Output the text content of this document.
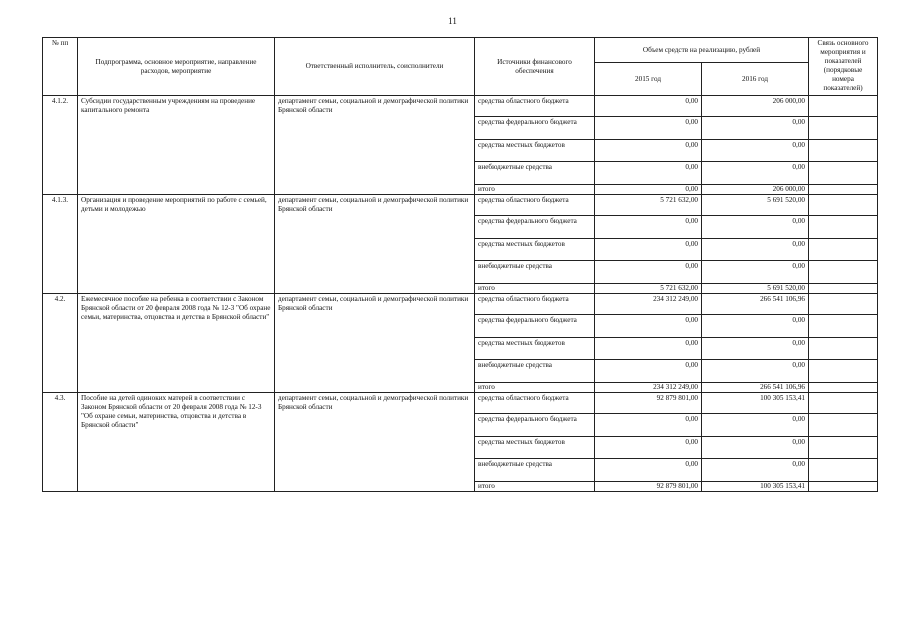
11
№ пп	Подпрограмма, основное мероприятие, направление расходов, мероприятие	Ответственный исполнитель, соисполнители	Источники финансового обеспечения	Объем средств на реализацию, рублей		Связь основного мероприятия и показателей (порядковые номера показателей)
				2015 год	2016 год	
4.1.2.	Субсидии государственным учреждениям на проведение капитального ремонта	департамент семьи, социальной и демографической политики Брянской области	средства областного бюджета	0,00	206 000,00	
			средства федерального бюджета	0,00	0,00	
			средства местных бюджетов	0,00	0,00	
			внебюджетные средства	0,00	0,00	
			итого	0,00	206 000,00	
4.1.3.	Организация и проведение мероприятий по работе с семьей, детьми и молодежью	департамент семьи, социальной и демографической политики Брянской области	средства областного бюджета	5 721 632,00	5 691 520,00	
			средства федерального бюджета	0,00	0,00	
			средства местных бюджетов	0,00	0,00	
			внебюджетные средства	0,00	0,00	
			итого	5 721 632,00	5 691 520,00	
4.2.	Ежемесячное пособие на ребенка в соответствии с Законом Брянской области от 20 февраля 2008 года № 12-3 "Об охране семьи, материнства, отцовства и детства в Брянской области"	департамент семьи, социальной и демографической политики Брянской области	средства областного бюджета	234 312 249,00	266 541 106,96	
			средства федерального бюджета	0,00	0,00	
			средства местных бюджетов	0,00	0,00	
			внебюджетные средства	0,00	0,00	
			итого	234 312 249,00	266 541 106,96	
4.3.	Пособие на детей одиноких матерей в соответствии с Законом Брянской области от 20 февраля 2008 года № 12-3 "Об охране семьи, материнства, отцовства и детства в Брянской области"	департамент семьи, социальной и демографической политики Брянской области	средства областного бюджета	92 879 801,00	100 305 153,41	
			средства федерального бюджета	0,00	0,00	
			средства местных бюджетов	0,00	0,00	
			внебюджетные средства	0,00	0,00	
			итого	92 879 801,00	100 305 153,41	
